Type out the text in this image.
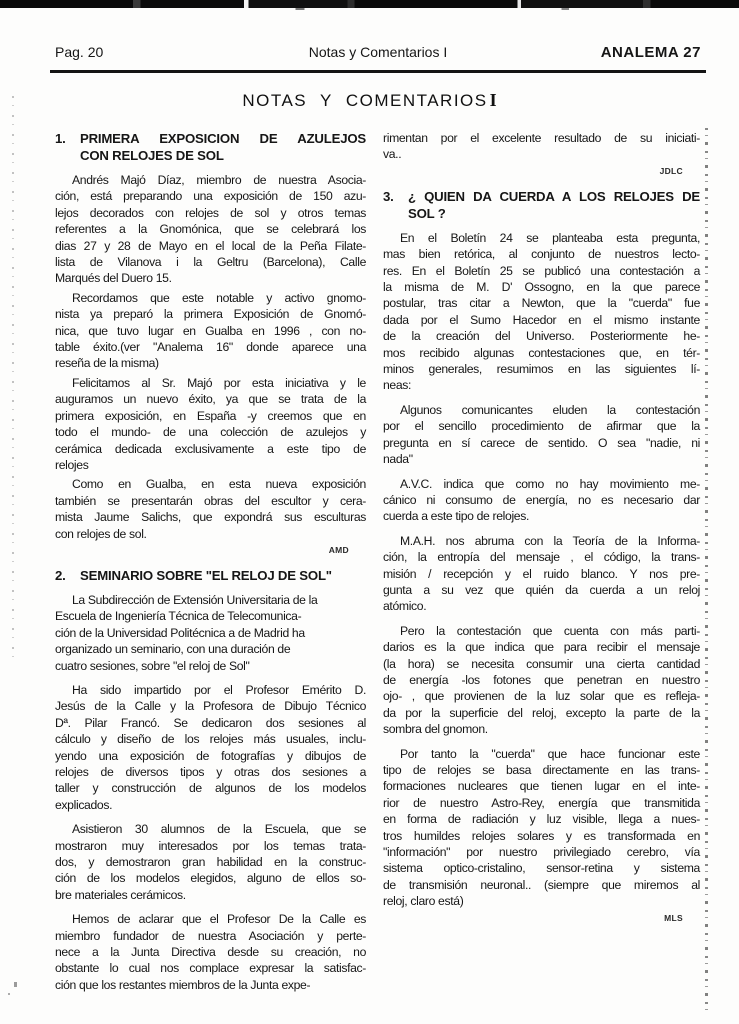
Pag. 20	Notas y Comentarios I	ANALEMA 27
NOTAS Y COMENTARIOS I
1.	PRIMERA EXPOSICION DE AZULEJOS
CON RELOJES DE SOL
Andrés Majó Díaz, miembro de nuestra Asocia-
ción, está preparando una exposición de 150 azu-
lejos decorados con relojes de sol y otros temas
referentes a la Gnomónica, que se celebrará los
dias 27 y 28 de Mayo en el local de la Peña Filate-
lista de Vilanova i la Geltru (Barcelona), Calle
Marqués del Duero 15.
Recordamos que este notable y activo gnomo-
nista ya preparó la primera Exposición de Gnomó-
nica, que tuvo lugar en Gualba en 1996 , con no-
table éxito.(ver "Analema 16" donde aparece una
reseña de la misma)
Felicitamos al Sr. Majó por esta iniciativa y le
auguramos un nuevo éxito, ya que se trata de la
primera exposición, en España -y creemos que en
todo el mundo- de una colección de azulejos y
cerámica dedicada exclusivamente a este tipo de
relojes
Como en Gualba, en esta nueva exposición
también se presentarán obras del escultor y cera-
mista Jaume Salichs, que expondrá sus esculturas
con relojes de sol.
AMD
2.	SEMINARIO SOBRE "EL RELOJ DE SOL"
La Subdirección de Extensión Universitaria de la
Escuela de Ingeniería Técnica de Telecomunica-
ción de la Universidad Politécnica a de Madrid ha
organizado un seminario, con una duración de
cuatro sesiones, sobre "el reloj de Sol"
Ha sido impartido por el Profesor Emérito D.
Jesús de la Calle y la Profesora de Dibujo Técnico
Dª. Pilar Francó. Se dedicaron dos sesiones al
cálculo y diseño de los relojes más usuales, inclu-
yendo una exposición de fotografías y dibujos de
relojes de diversos tipos y otras dos sesiones a
taller y construcción de algunos de los modelos
explicados.
Asistieron 30 alumnos de la Escuela, que se
mostraron muy interesados por los temas trata-
dos, y demostraron gran habilidad en la construc-
ción de los modelos elegidos, alguno de ellos so-
bre materiales cerámicos.
Hemos de aclarar que el Profesor De la Calle es
miembro fundador de nuestra Asociación y perte-
nece a la Junta Directiva desde su creación, no
obstante lo cual nos complace expresar la satisfac-
ción que los restantes miembros de la Junta expe-
rimentan por el excelente resultado de su iniciati-
va..
JDLC
3.	¿ QUIEN DA CUERDA A LOS RELOJES DE
SOL ?
En el Boletín 24 se planteaba esta pregunta,
mas bien retórica, al conjunto de nuestros lecto-
res. En el Boletín 25 se publicó una contestación a
la misma de M. D' Ossogno, en la que parece
postular, tras citar a Newton, que la "cuerda" fue
dada por el Sumo Hacedor en el mismo instante
de la creación del Universo. Posteriormente he-
mos recibido algunas contestaciones que, en tér-
minos generales, resumimos en las siguientes lí-
neas:
Algunos comunicantes eluden la contestación
por el sencillo procedimiento de afirmar que la
pregunta en sí carece de sentido. O sea "nadie, ni
nada"
A.V.C. indica que como no hay movimiento me-
cánico ni consumo de energía, no es necesario dar
cuerda a este tipo de relojes.
M.A.H. nos abruma con la Teoría de la Informa-
ción, la entropía del mensaje , el código, la trans-
misión / recepción y el ruido blanco. Y nos pre-
gunta a su vez que quién da cuerda a un reloj
atómico.
Pero la contestación que cuenta con más parti-
darios es la que indica que para recibir el mensaje
(la hora) se necesita consumir una cierta cantidad
de energía -los fotones que penetran en nuestro
ojo- , que provienen de la luz solar que es refleja-
da por la superficie del reloj, excepto la parte de la
sombra del gnomon.
Por tanto la "cuerda" que hace funcionar este
tipo de relojes se basa directamente en las trans-
formaciones nucleares que tienen lugar en el inte-
rior de nuestro Astro-Rey, energía que transmitida
en forma de radiación y luz visible, llega a nues-
tros humildes relojes solares y es transformada en
"información" por nuestro privilegiado cerebro, vía
sistema optico-cristalino, sensor-retina y sistema
de transmisión neuronal.. (siempre que miremos al
reloj, claro está)
MLS
